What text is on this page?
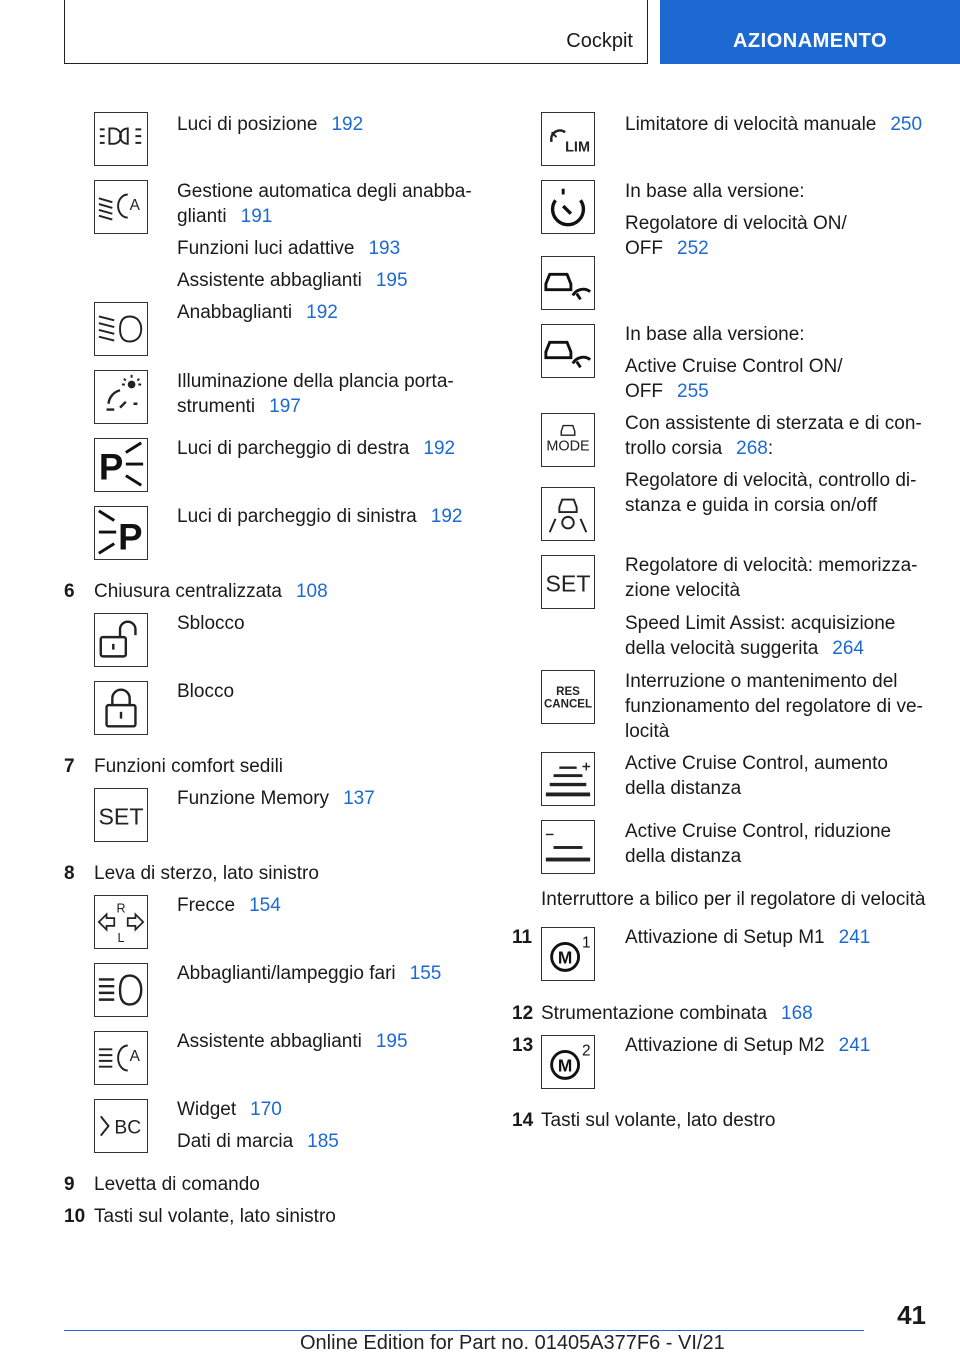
Cockpit	AZIONAMENTO
Luci di posizione 192
A
Gestione automatica degli anabba-
glianti 191
Funzioni luci adattive 193
Assistente abbaglianti 195
Anabbaglianti 192
Illuminazione della plancia porta-
strumenti 197
P	Luci di parcheggio di destra 192
P Luci di parcheggio di sinistra 192
6 Chiusura centralizzata 108
Sblocco
Blocco
7 Funzioni comfort sedili
SET
Funzione Memory 137
8 Leva di sterzo, lato sinistro
R
L
Frecce 154
Abbaglianti/lampeggio fari 155
A
Assistente abbaglianti 195
BC
Widget 170
Dati di marcia 185
9 Levetta di comando
10 Tasti sul volante, lato sinistro
LIM
Limitatore di velocità manuale 250
In base alla versione:
Regolatore di velocità ON/
OFF 252
In base alla versione:
Active Cruise Control ON/
OFF 255
MODE
Con assistente di sterzata e di con-
trollo corsia 268:
Regolatore di velocità, controllo di-
stanza e guida in corsia on/off
SET
Regolatore di velocità: memorizza-
zione velocità
Speed Limit Assist: acquisizione
della velocità suggerita 264
RES
CANCEL
Interruzione o mantenimento del
funzionamento del regolatore di ve-
locità
Active Cruise Control, aumento
della distanza
Active Cruise Control, riduzione
della distanza
Interruttore a bilico per il regolatore di velocità
11
M
1 Attivazione di Setup M1 241
12 Strumentazione combinata 168
13
M
2 Attivazione di Setup M2 241
14 Tasti sul volante, lato destro
41
Online Edition for Part no. 01405A377F6 - VI/21
